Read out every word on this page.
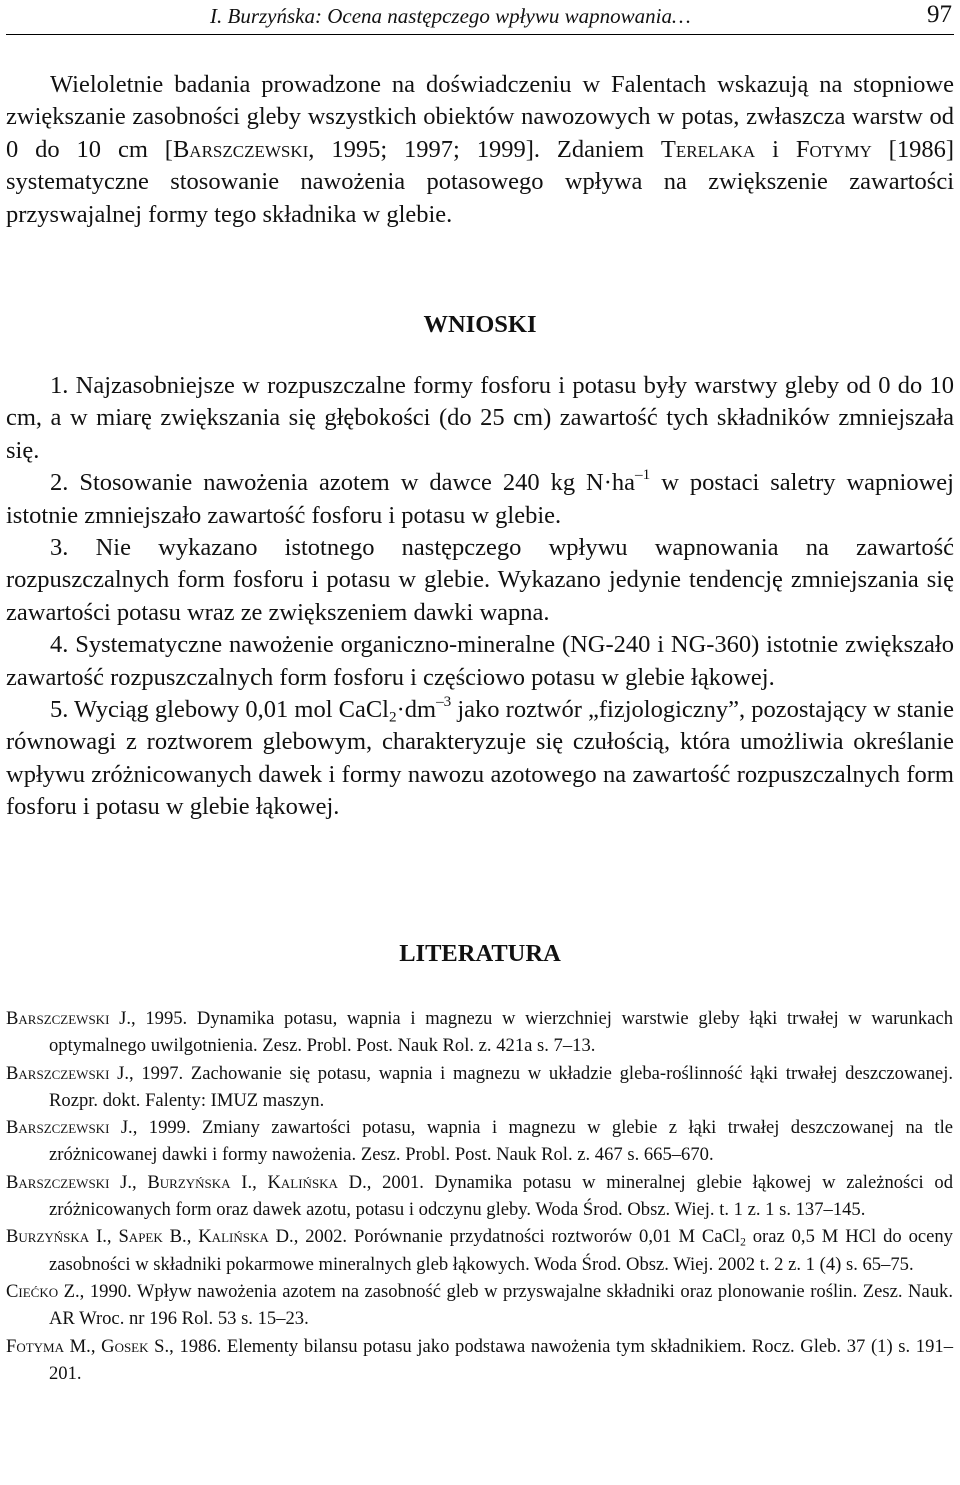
I. Burzyńska: Ocena następczego wpływu wapnowania…	97

Wieloletnie badania prowadzone na doświadczeniu w Falentach wskazują na stopniowe zwiększanie zasobności gleby wszystkich obiektów nawozowych w potas, zwłaszcza warstw od 0 do 10 cm [Barszczewski, 1995; 1997; 1999]. Zdaniem Terelaka i Fotymy [1986] systematyczne stosowanie nawożenia potasowego wpływa na zwiększenie zawartości przyswajalnej formy tego składnika w glebie.

WNIOSKI

1. Najzasobniejsze w rozpuszczalne formy fosforu i potasu były warstwy gleby od 0 do 10 cm, a w miarę zwiększania się głębokości (do 25 cm) zawartość tych składników zmniejszała się.

2. Stosowanie nawożenia azotem w dawce 240 kg $N\cdot ha^{-1}$ w postaci saletry wapniowej istotnie zmniejszało zawartość fosforu i potasu w glebie.

3. Nie wykazano istotnego następczego wpływu wapnowania na zawartość rozpuszczalnych form fosforu i potasu w glebie. Wykazano jedynie tendencję zmniejszania się zawartości potasu wraz ze zwiększeniem dawki wapna.

4. Systematyczne nawożenie organiczno-mineralne (NG-240 i NG-360) istotnie zwiększało zawartość rozpuszczalnych form fosforu i częściowo potasu w glebie łąkowej.

5. Wyciąg glebowy 0,01 mol $CaCl_2\cdot dm^{-3}$ jako roztwór „fizjologiczny”, pozostający w stanie równowagi z roztworem glebowym, charakteryzuje się czułością, która umożliwia określanie wpływu zróżnicowanych dawek i formy nawozu azotowego na zawartość rozpuszczalnych form fosforu i potasu w glebie łąkowej.

LITERATURA
Barszczewski J., 1995. Dynamika potasu, wapnia i magnezu w wierzchniej warstwie gleby łąki trwałej w warunkach optymalnego uwilgotnienia. Zesz. Probl. Post. Nauk Rol. z. 421a s. 7–13.
Barszczewski J., 1997. Zachowanie się potasu, wapnia i magnezu w układzie gleba-roślinność łąki trwałej deszczowanej. Rozpr. dokt. Falenty: IMUZ maszyn.
Barszczewski J., 1999. Zmiany zawartości potasu, wapnia i magnezu w glebie z łąki trwałej deszczowanej na tle zróżnicowanej dawki i formy nawożenia. Zesz. Probl. Post. Nauk Rol. z. 467 s. 665–670.
Barszczewski J., Burzyńska I., Kalińska D., 2001. Dynamika potasu w mineralnej glebie łąkowej w zależności od zróżnicowanych form oraz dawek azotu, potasu i odczynu gleby. Woda Środ. Obsz. Wiej. t. 1 z. 1 s. 137–145.
Burzyńska I., Sapek B., Kalińska D., 2002. Porównanie przydatności roztworów 0,01 M CaCl$_2$ oraz 0,5 M HCl do oceny zasobności w składniki pokarmowe mineralnych gleb łąkowych. Woda Środ. Obsz. Wiej. 2002 t. 2 z. 1 (4) s. 65–75.
Ciećko Z., 1990. Wpływ nawożenia azotem na zasobność gleb w przyswajalne składniki oraz plonowanie roślin. Zesz. Nauk. AR Wroc. nr 196 Rol. 53 s. 15–23.
Fotyma M., Gosek S., 1986. Elementy bilansu potasu jako podstawa nawożenia tym składnikiem. Rocz. Gleb. 37 (1) s. 191–201.
